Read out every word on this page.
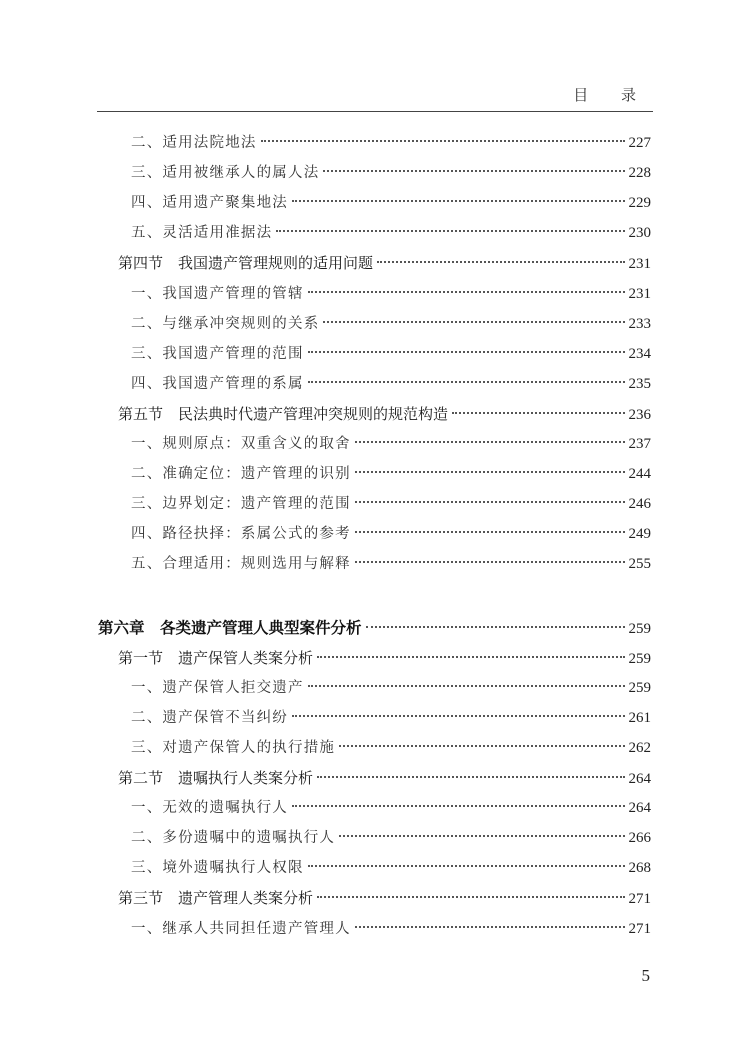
目 录
二、适用法院地法	227
三、适用被继承人的属人法	228
四、适用遗产聚集地法	229
五、灵活适用准据法	230
第四节　我国遗产管理规则的适用问题	231
一、我国遗产管理的管辖	231
二、与继承冲突规则的关系	233
三、我国遗产管理的范围	234
四、我国遗产管理的系属	235
第五节　民法典时代遗产管理冲突规则的规范构造	236
一、规则原点：双重含义的取舍	237
二、准确定位：遗产管理的识别	244
三、边界划定：遗产管理的范围	246
四、路径抉择：系属公式的参考	249
五、合理适用：规则选用与解释	255
第六章　各类遗产管理人典型案件分析	259
第一节　遗产保管人类案分析	259
一、遗产保管人拒交遗产	259
二、遗产保管不当纠纷	261
三、对遗产保管人的执行措施	262
第二节　遗嘱执行人类案分析	264
一、无效的遗嘱执行人	264
二、多份遗嘱中的遗嘱执行人	266
三、境外遗嘱执行人权限	268
第三节　遗产管理人类案分析	271
一、继承人共同担任遗产管理人	271
5
